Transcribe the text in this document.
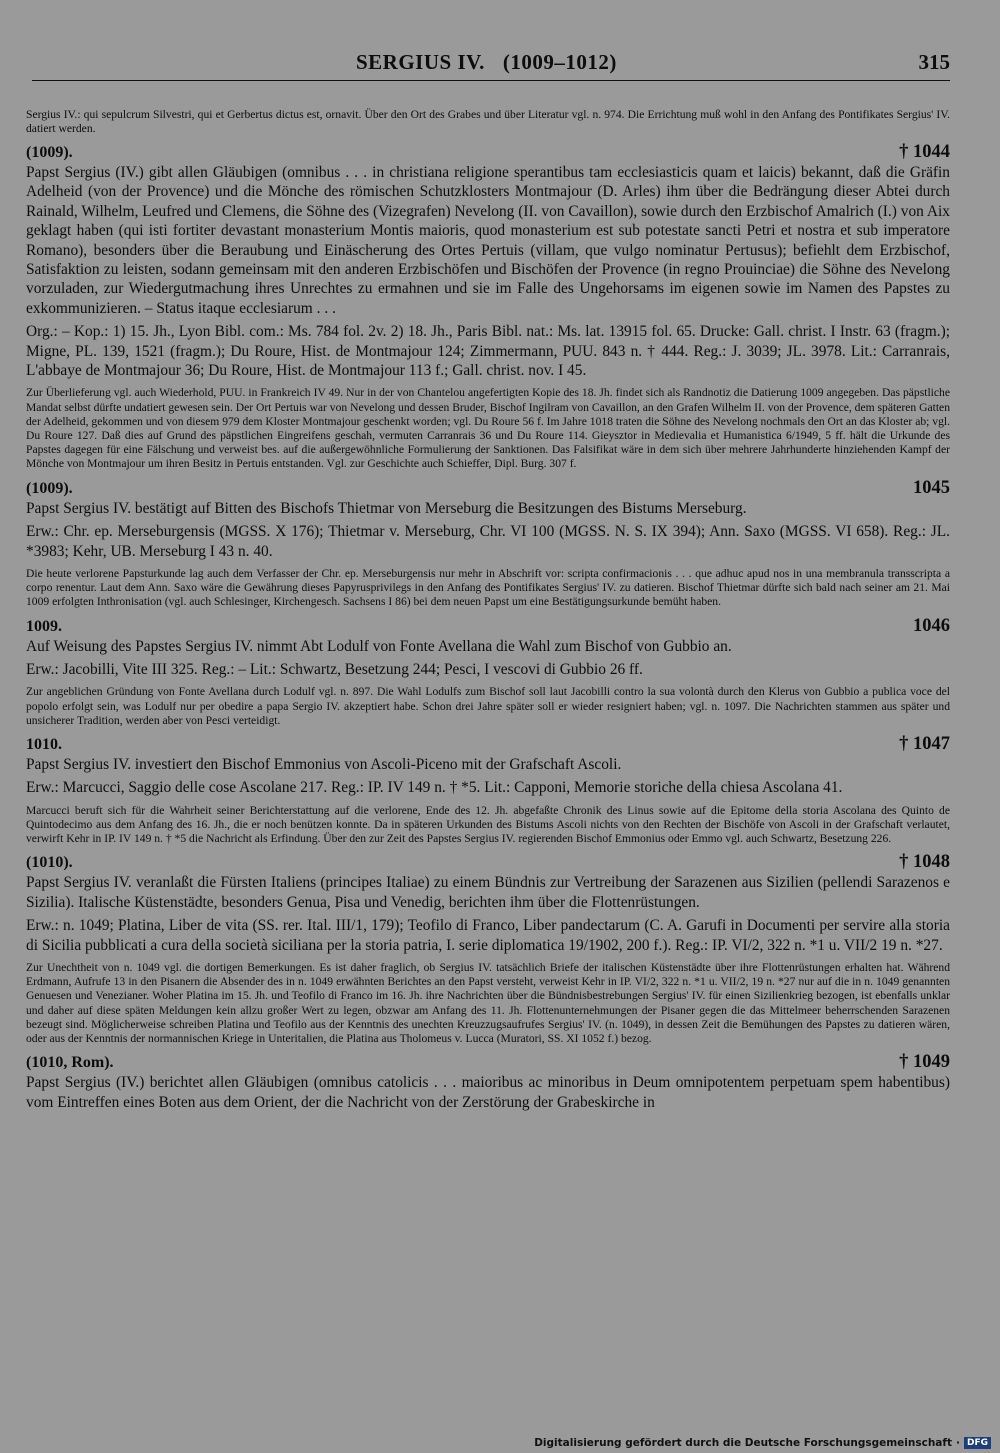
SERGIUS IV. (1009–1012)	315

Sergius IV.: qui sepulcrum Silvestri, qui et Gerbertus dictus est, ornavit. Über den Ort des Grabes und über Literatur vgl. n. 974. Die Errichtung muß wohl in den Anfang des Pontifikates Sergius' IV. datiert werden.

(1009).	† 1044

Papst Sergius (IV.) gibt allen Gläubigen (omnibus . . . in christiana religione sperantibus tam ecclesiasticis quam et laicis) bekannt, daß die Gräfin Adelheid (von der Provence) und die Mönche des römischen Schutzklosters Montmajour (D. Arles) ihm über die Bedrängung dieser Abtei durch Rainald, Wilhelm, Leufred und Clemens, die Söhne des (Vizegrafen) Nevelong (II. von Cavaillon), sowie durch den Erzbischof Amalrich (I.) von Aix geklagt haben (qui isti fortiter devastant monasterium Montis maioris, quod monasterium est sub potestate sancti Petri et nostra et sub imperatore Romano), besonders über die Beraubung und Einäscherung des Ortes Pertuis (villam, que vulgo nominatur Pertusus); befiehlt dem Erzbischof, Satisfaktion zu leisten, sodann gemeinsam mit den anderen Erzbischöfen und Bischöfen der Provence (in regno Prouinciae) die Söhne des Nevelong vorzuladen, zur Wiedergutmachung ihres Unrechtes zu ermahnen und sie im Falle des Ungehorsams im eigenen sowie im Namen des Papstes zu exkommunizieren. – Status itaque ecclesiarum . . .

Org.: – Kop.: 1) 15. Jh., Lyon Bibl. com.: Ms. 784 fol. 2v. 2) 18. Jh., Paris Bibl. nat.: Ms. lat. 13915 fol. 65. Drucke: Gall. christ. I Instr. 63 (fragm.); Migne, PL. 139, 1521 (fragm.); Du Roure, Hist. de Montmajour 124; Zimmermann, PUU. 843 n. † 444. Reg.: J. 3039; JL. 3978. Lit.: Carranrais, L'abbaye de Montmajour 36; Du Roure, Hist. de Montmajour 113 f.; Gall. christ. nov. I 45.

Zur Überlieferung vgl. auch Wiederhold, PUU. in Frankreich IV 49. Nur in der von Chantelou angefertigten Kopie des 18. Jh. findet sich als Randnotiz die Datierung 1009 angegeben. Das päpstliche Mandat selbst dürfte undatiert gewesen sein. Der Ort Pertuis war von Nevelong und dessen Bruder, Bischof Ingilram von Cavaillon, an den Grafen Wilhelm II. von der Provence, dem späteren Gatten der Adelheid, gekommen und von diesem 979 dem Kloster Montmajour geschenkt worden; vgl. Du Roure 56 f. Im Jahre 1018 traten die Söhne des Nevelong nochmals den Ort an das Kloster ab; vgl. Du Roure 127. Daß dies auf Grund des päpstlichen Eingreifens geschah, vermuten Carranrais 36 und Du Roure 114. Gieysztor in Medievalia et Humanistica 6/1949, 5 ff. hält die Urkunde des Papstes dagegen für eine Fälschung und verweist bes. auf die außergewöhnliche Formulierung der Sanktionen. Das Falsifikat wäre in dem sich über mehrere Jahrhunderte hinziehenden Kampf der Mönche von Montmajour um ihren Besitz in Pertuis entstanden. Vgl. zur Geschichte auch Schieffer, Dipl. Burg. 307 f.

(1009).	1045

Papst Sergius IV. bestätigt auf Bitten des Bischofs Thietmar von Merseburg die Besitzungen des Bistums Merseburg.

Erw.: Chr. ep. Merseburgensis (MGSS. X 176); Thietmar v. Merseburg, Chr. VI 100 (MGSS. N. S. IX 394); Ann. Saxo (MGSS. VI 658). Reg.: JL. *3983; Kehr, UB. Merseburg I 43 n. 40.

Die heute verlorene Papsturkunde lag auch dem Verfasser der Chr. ep. Merseburgensis nur mehr in Abschrift vor: scripta confirmacionis . . . que adhuc apud nos in una membranula transscripta a corpo renentur. Laut dem Ann. Saxo wäre die Gewährung dieses Papyrusprivilegs in den Anfang des Pontifikates Sergius' IV. zu datieren. Bischof Thietmar dürfte sich bald nach seiner am 21. Mai 1009 erfolgten Inthronisation (vgl. auch Schlesinger, Kirchengesch. Sachsens I 86) bei dem neuen Papst um eine Bestätigungsurkunde bemüht haben.

1009.	1046

Auf Weisung des Papstes Sergius IV. nimmt Abt Lodulf von Fonte Avellana die Wahl zum Bischof von Gubbio an.

Erw.: Jacobilli, Vite III 325. Reg.: – Lit.: Schwartz, Besetzung 244; Pesci, I vescovi di Gubbio 26 ff.

Zur angeblichen Gründung von Fonte Avellana durch Lodulf vgl. n. 897. Die Wahl Lodulfs zum Bischof soll laut Jacobilli contro la sua volontà durch den Klerus von Gubbio a publica voce del popolo erfolgt sein, was Lodulf nur per obedire a papa Sergio IV. akzeptiert habe. Schon drei Jahre später soll er wieder resigniert haben; vgl. n. 1097. Die Nachrichten stammen aus später und unsicherer Tradition, werden aber von Pesci verteidigt.

1010.	† 1047

Papst Sergius IV. investiert den Bischof Emmonius von Ascoli-Piceno mit der Grafschaft Ascoli.

Erw.: Marcucci, Saggio delle cose Ascolane 217. Reg.: IP. IV 149 n. † *5. Lit.: Capponi, Memorie storiche della chiesa Ascolana 41.

Marcucci beruft sich für die Wahrheit seiner Berichterstattung auf die verlorene, Ende des 12. Jh. abgefaßte Chronik des Linus sowie auf die Epitome della storia Ascolana des Quinto de Quintodecimo aus dem Anfang des 16. Jh., die er noch benützen konnte. Da in späteren Urkunden des Bistums Ascoli nichts von den Rechten der Bischöfe von Ascoli in der Grafschaft verlautet, verwirft Kehr in IP. IV 149 n. † *5 die Nachricht als Erfindung. Über den zur Zeit des Papstes Sergius IV. regierenden Bischof Emmonius oder Emmo vgl. auch Schwartz, Besetzung 226.

(1010).	† 1048

Papst Sergius IV. veranlaßt die Fürsten Italiens (principes Italiae) zu einem Bündnis zur Vertreibung der Sarazenen aus Sizilien (pellendi Sarazenos e Sizilia). Italische Küstenstädte, besonders Genua, Pisa und Venedig, berichten ihm über die Flottenrüstungen.

Erw.: n. 1049; Platina, Liber de vita (SS. rer. Ital. III/1, 179); Teofilo di Franco, Liber pandectarum (C. A. Garufi in Documenti per servire alla storia di Sicilia pubblicati a cura della società siciliana per la storia patria, I. serie diplomatica 19/1902, 200 f.). Reg.: IP. VI/2, 322 n. *1 u. VII/2 19 n. *27.

Zur Unechtheit von n. 1049 vgl. die dortigen Bemerkungen. Es ist daher fraglich, ob Sergius IV. tatsächlich Briefe der italischen Küstenstädte über ihre Flottenrüstungen erhalten hat. Während Erdmann, Aufrufe 13 in den Pisanern die Absender des in n. 1049 erwähnten Berichtes an den Papst versteht, verweist Kehr in IP. VI/2, 322 n. *1 u. VII/2, 19 n. *27 nur auf die in n. 1049 genannten Genuesen und Venezianer. Woher Platina im 15. Jh. und Teofilo di Franco im 16. Jh. ihre Nachrichten über die Bündnisbestrebungen Sergius' IV. für einen Sizilienkrieg bezogen, ist ebenfalls unklar und daher auf diese späten Meldungen kein allzu großer Wert zu legen, obzwar am Anfang des 11. Jh. Flottenunternehmungen der Pisaner gegen die das Mittelmeer beherrschenden Sarazenen bezeugt sind. Möglicherweise schreiben Platina und Teofilo aus der Kenntnis des unechten Kreuzzugsaufrufes Sergius' IV. (n. 1049), in dessen Zeit die Bemühungen des Papstes zu datieren wären, oder aus der Kenntnis der normannischen Kriege in Unteritalien, die Platina aus Tholomeus v. Lucca (Muratori, SS. XI 1052 f.) bezog.

(1010, Rom).	† 1049

Papst Sergius (IV.) berichtet allen Gläubigen (omnibus catolicis . . . maioribus ac minoribus in Deum omnipotentem perpetuam spem habentibus) vom Eintreffen eines Boten aus dem Orient, der die Nachricht von der Zerstörung der Grabeskirche in

Digitalisierung gefördert durch die Deutsche Forschungsgemeinschaft · DFG
